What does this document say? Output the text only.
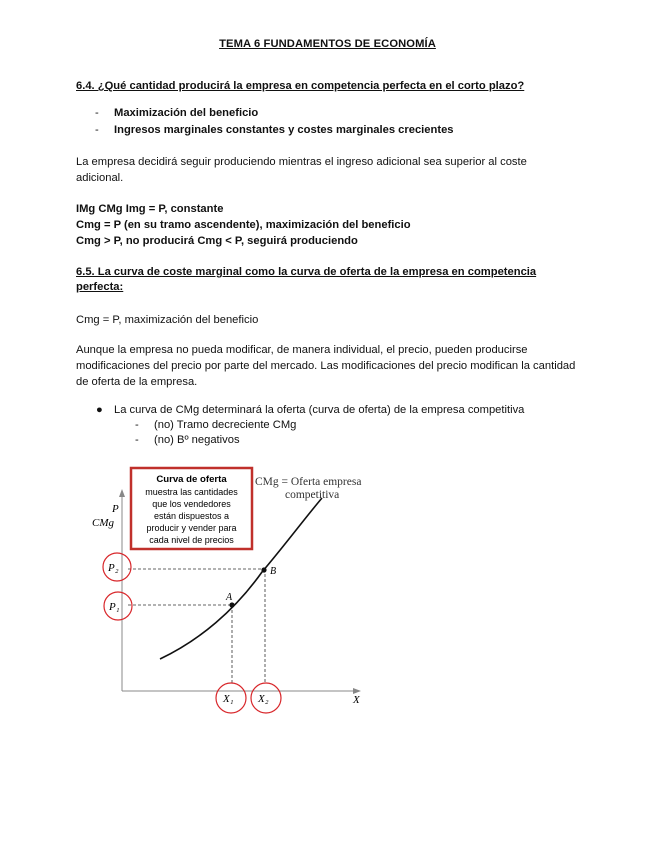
TEMA 6 FUNDAMENTOS DE ECONOMÍA
6.4. ¿Qué cantidad producirá la empresa en competencia perfecta en el corto plazo?
- Maximización del beneficio
- Ingresos marginales constantes y costes marginales crecientes
La empresa decidirá seguir produciendo mientras el ingreso adicional sea superior al coste adicional.
IMg CMg Img = P, constante
Cmg = P (en su tramo ascendente), maximización del beneficio
Cmg > P, no producirá Cmg < P, seguirá produciendo
6.5. La curva de coste marginal como la curva de oferta de la empresa en competencia perfecta:
Cmg = P, maximización del beneficio
Aunque la empresa no pueda modificar, de manera individual, el precio, pueden producirse modificaciones del precio por parte del mercado. Las modificaciones del precio modifican la cantidad de oferta de la empresa.
● La curva de CMg determinará la oferta (curva de oferta) de la empresa competitiva
- (no) Tramo decreciente CMg
- (no) Bº negativos
A
B
P
CMg
X
CMg = Oferta empresa
competitiva
P₂
P₁
X₁ X₂
Curva de oferta
muestra las cantidades
que los vendedores
están dispuestos a
producir y vender para
cada nivel de precios
